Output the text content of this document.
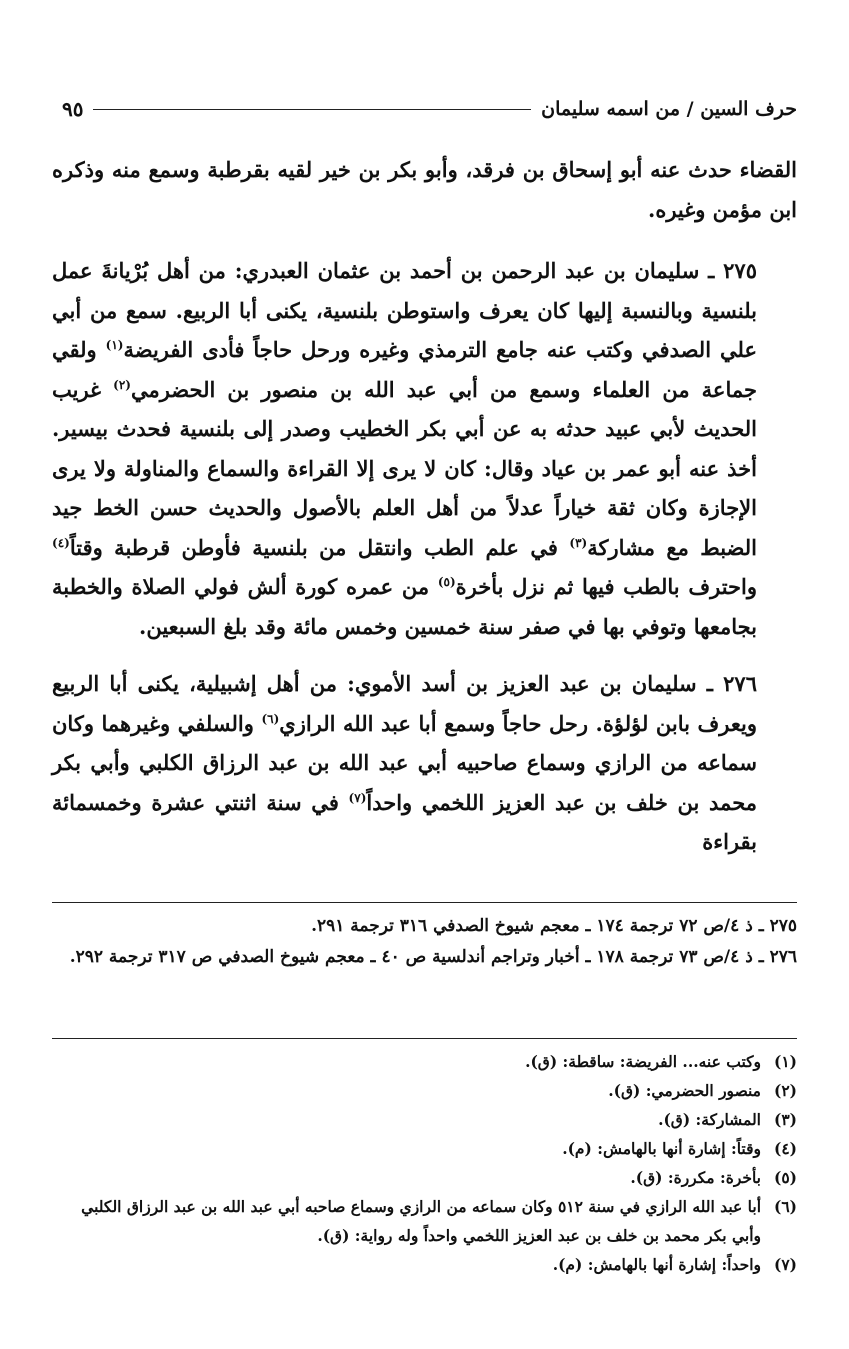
حرف السين / من اسمه سليمان
٩٥

القضاء حدث عنه أبو إسحاق بن فرقد، وأبو بكر بن خير لقيه بقرطبة وسمع منه وذكره ابن مؤمن وغيره.

٢٧٥ ـ سليمان بن عبد الرحمن بن أحمد بن عثمان العبدري: من أهل بُرْيانةَ عمل بلنسية وبالنسبة إليها كان يعرف واستوطن بلنسية، يكنى أبا الربيع. سمع من أبي علي الصدفي وكتب عنه جامع الترمذي وغيره ورحل حاجاً فأدى الفريضة$^{(١)}$ ولقي جماعة من العلماء وسمع من أبي عبد الله بن منصور بن الحضرمي$^{(٢)}$ غريب الحديث لأبي عبيد حدثه به عن أبي بكر الخطيب وصدر إلى بلنسية فحدث بيسير. أخذ عنه أبو عمر بن عياد وقال: كان لا يرى إلا القراءة والسماع والمناولة ولا يرى الإجازة وكان ثقة خياراً عدلاً من أهل العلم بالأصول والحديث حسن الخط جيد الضبط مع مشاركة$^{(٣)}$ في علم الطب وانتقل من بلنسية فأوطن قرطبة وقتاً$^{(٤)}$ واحترف بالطب فيها ثم نزل بأخرة$^{(٥)}$ من عمره كورة ألش فولي الصلاة والخطبة بجامعها وتوفي بها في صفر سنة خمسين وخمس مائة وقد بلغ السبعين.

٢٧٦ ـ سليمان بن عبد العزيز بن أسد الأموي: من أهل إشبيلية، يكنى أبا الربيع ويعرف بابن لؤلؤة. رحل حاجاً وسمع أبا عبد الله الرازي$^{(٦)}$ والسلفي وغيرهما وكان سماعه من الرازي وسماع صاحبيه أبي عبد الله بن عبد الرزاق الكلبي وأبي بكر محمد بن خلف بن عبد العزيز اللخمي واحداً$^{(٧)}$ في سنة اثنتي عشرة وخمسمائة بقراءة

٢٧٥ ـ ذ ٤/ص ٧٢ ترجمة ١٧٤ ـ معجم شيوخ الصدفي ٣١٦ ترجمة ٢٩١.

٢٧٦ ـ ذ ٤/ص ٧٣ ترجمة ١٧٨ ـ أخبار وتراجم أندلسية ص ٤٠ ـ معجم شيوخ الصدفي ص ٣١٧ ترجمة ٢٩٢.

(١)
وكتب عنه... الفريضة: ساقطة: (ق).
(٢)
منصور الحضرمي: (ق).
(٣)
المشاركة: (ق).
(٤)
وقتاً: إشارة أنها بالهامش: (م).
(٥)
بأخرة: مكررة: (ق).
(٦)
أبا عبد الله الرازي في سنة ٥١٢ وكان سماعه من الرازي وسماع صاحبه أبي عبد الله بن عبد الرزاق الكلبي وأبي بكر محمد بن خلف بن عبد العزيز اللخمي واحداً وله رواية: (ق).
(٧)
واحداً: إشارة أنها بالهامش: (م).
